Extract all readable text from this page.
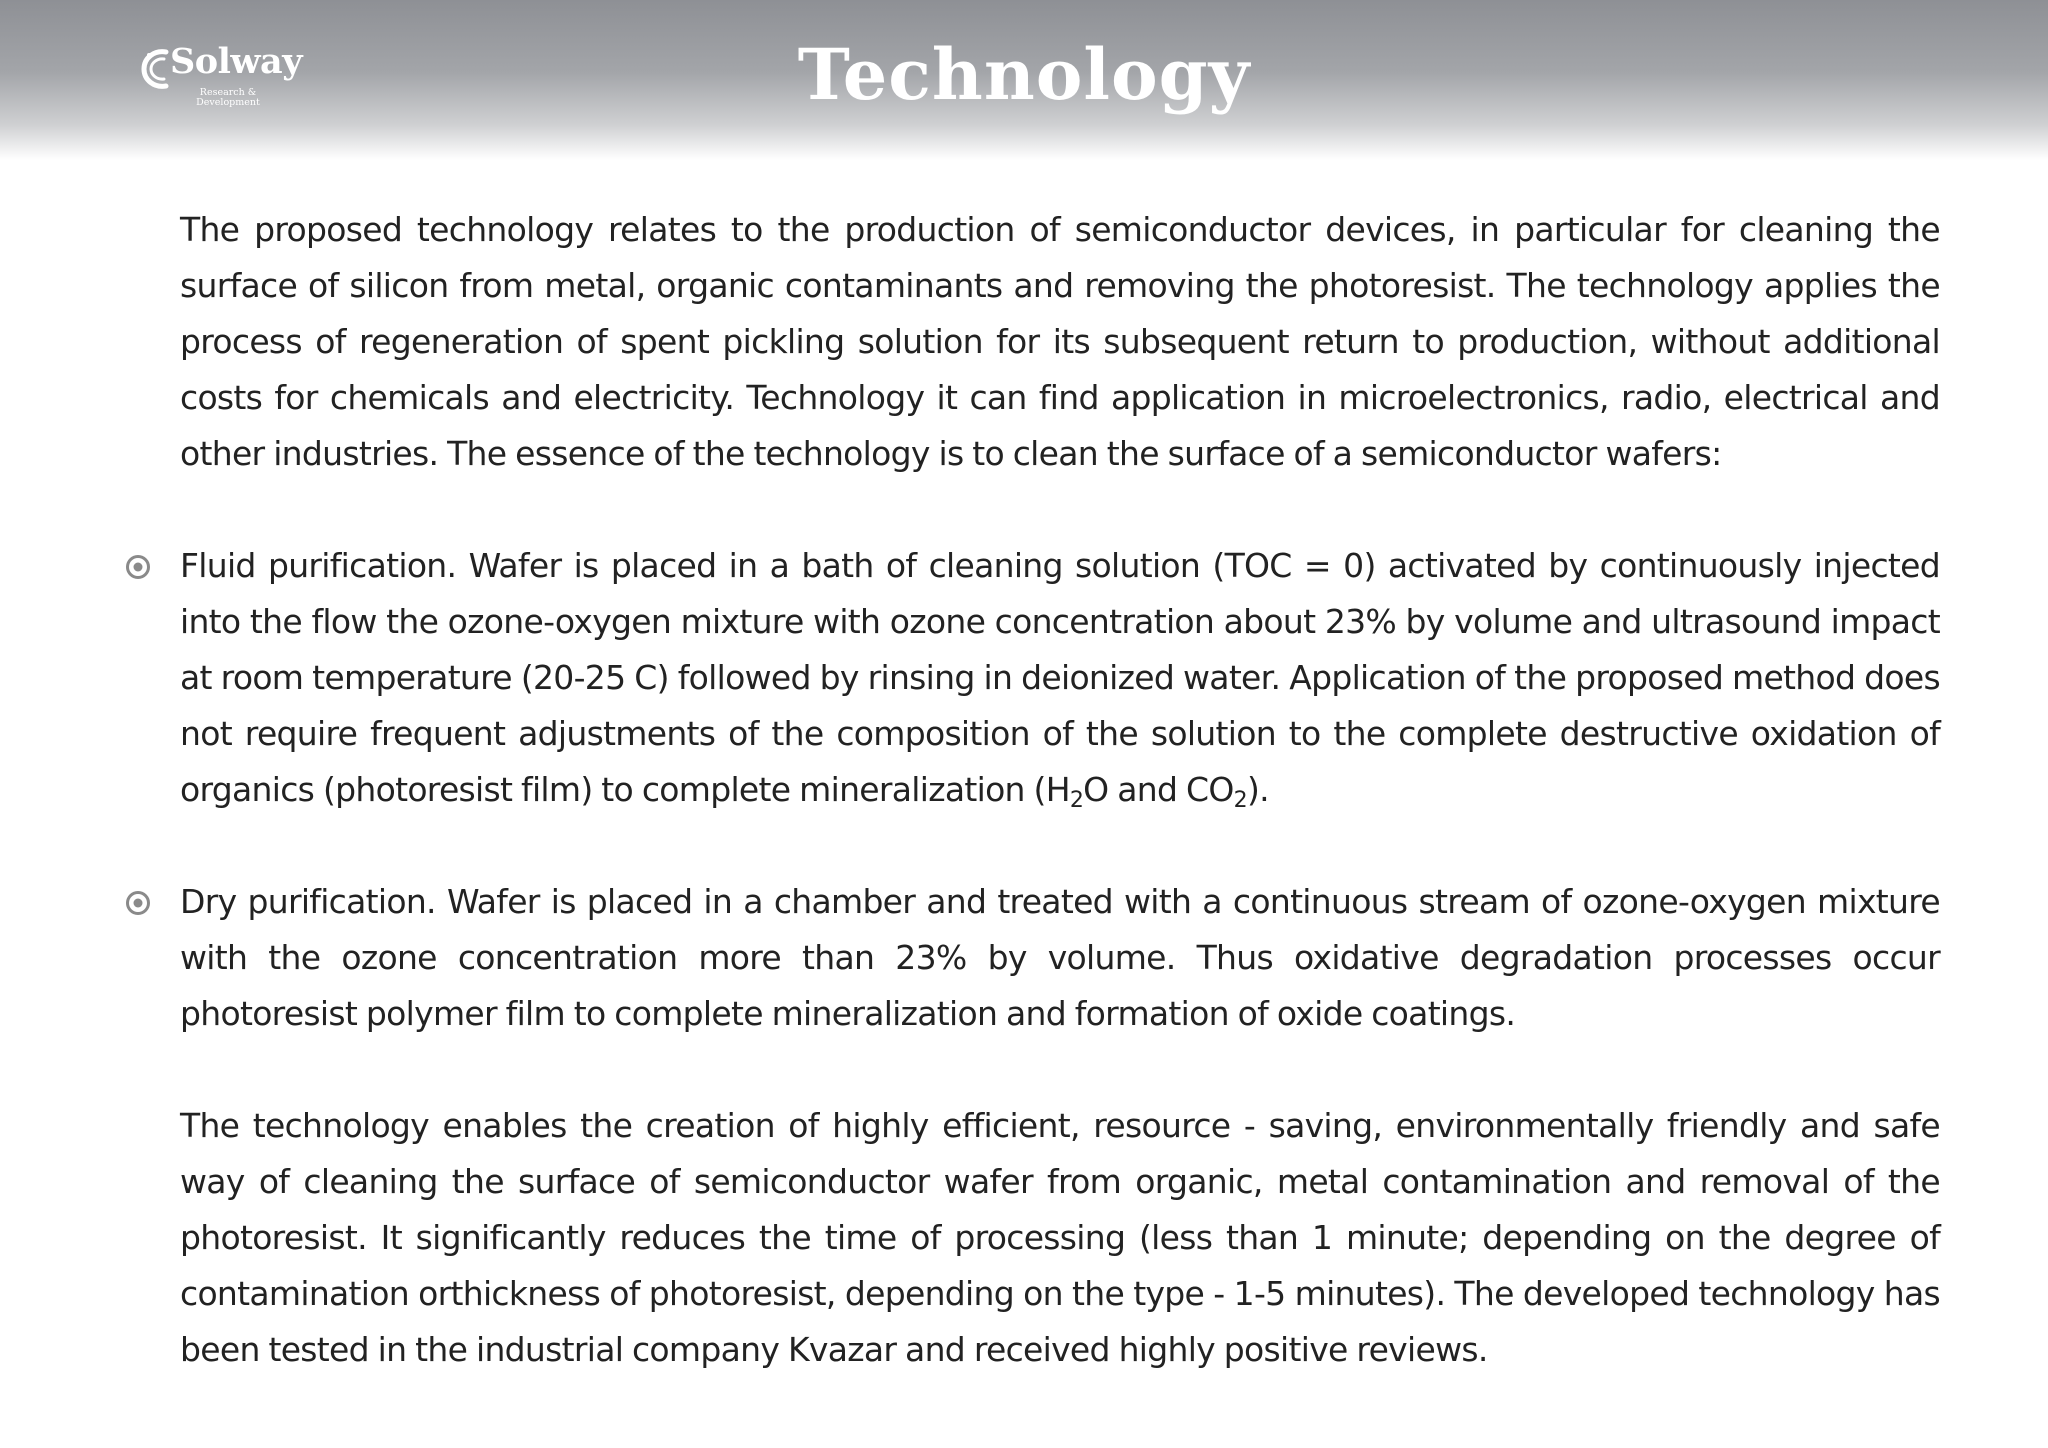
Solway
Research &
Development	Technology

The proposed technology relates to the production of semiconductor devices, in particular for cleaning the surface of silicon from metal, organic contaminants and removing the photoresist. The technology applies the process of regeneration of spent pickling solution for its subsequent return to production, without additional costs for chemicals and electricity. Technology it can find application in microelectronics, radio, electrical and other industries. The essence of the technology is to clean the surface of a semiconductor wafers:

Fluid purification. Wafer is placed in a bath of cleaning solution (TOC = 0) activated by continuously injected into the flow the ozone-oxygen mixture with ozone concentration about 23% by volume and ultrasound impact at room temperature (20-25 C) followed by rinsing in deionized water. Application of the proposed method does not require frequent adjustments of the composition of the solution to the complete destructive oxidation of organics (photoresist film) to complete mineralization ($H_2O$ and $CO_2$).
Dry purification. Wafer is placed in a chamber and treated with a continuous stream of ozone-oxygen mixture with the ozone concentration more than 23% by volume. Thus oxidative degradation processes occur photoresist polymer film to complete mineralization and formation of oxide coatings.

The technology enables the creation of highly efficient, resource - saving, environmentally friendly and safe way of cleaning the surface of semiconductor wafer from organic, metal contamination and removal of the photoresist. It significantly reduces the time of processing (less than 1 minute; depending on the degree of contamination orthickness of photoresist, depending on the type - 1-5 minutes). The developed technology has been tested in the industrial company Kvazar and received highly positive reviews.
